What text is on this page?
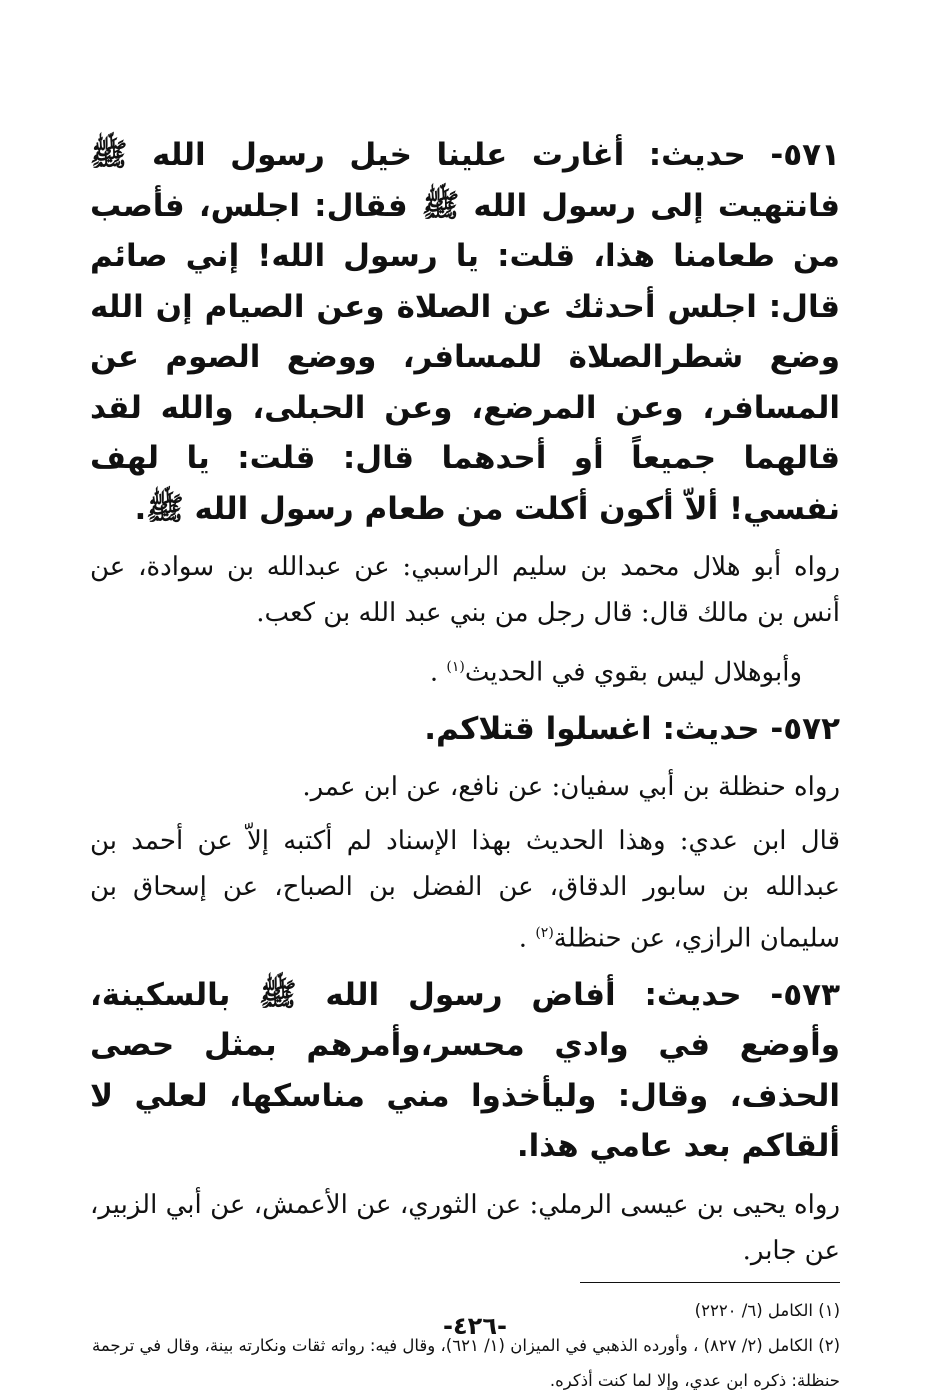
٥٧١- حديث: أغارت علينا خيل رسول الله ﷺ فانتهيت إلى رسول الله ﷺ فقال: اجلس، فأصب من طعامنا هذا، قلت: يا رسول الله! إني صائم قال: اجلس أحدثك عن الصلاة وعن الصيام إن الله وضع شطرالصلاة للمسافر، ووضع الصوم عن المسافر، وعن المرضع، وعن الحبلى، والله لقد قالهما جميعاً أو أحدهما قال: قلت: يا لهف نفسي! ألاّ أكون أكلت من طعام رسول الله ﷺ.

رواه أبو هلال محمد بن سليم الراسبي: عن عبدالله بن سوادة، عن أنس بن مالك قال: قال رجل من بني عبد الله بن كعب.

وأبوهلال ليس بقوي في الحديث$^{(١)}$ .

٥٧٢- حديث: اغسلوا قتلاكم.

رواه حنظلة بن أبي سفيان: عن نافع، عن ابن عمر.

قال ابن عدي: وهذا الحديث بهذا الإسناد لم أكتبه إلاّ عن أحمد بن عبدالله بن سابور الدقاق، عن الفضل بن الصباح، عن إسحاق بن سليمان الرازي، عن حنظلة$^{(٢)}$ .

٥٧٣- حديث: أفاض رسول الله ﷺ بالسكينة، وأوضع في وادي محسر،وأمرهم بمثل حصى الحذف، وقال: وليأخذوا مني مناسكها، لعلي لا ألقاكم بعد عامي هذا.

رواه يحيى بن عيسى الرملي: عن الثوري، عن الأعمش، عن أبي الزبير، عن جابر.

(١) الكامل (٦/ ٢٢٢٠)

(٢) الكامل (٢/ ٨٢٧) ، وأورده الذهبي في الميزان (١/ ٦٢١)، وقال فيه: رواته ثقات ونكارته بينة، وقال في ترجمة حنظلة: ذكره ابن عدي، وإلا لما كنت أذكره.

-٤٢٦-
